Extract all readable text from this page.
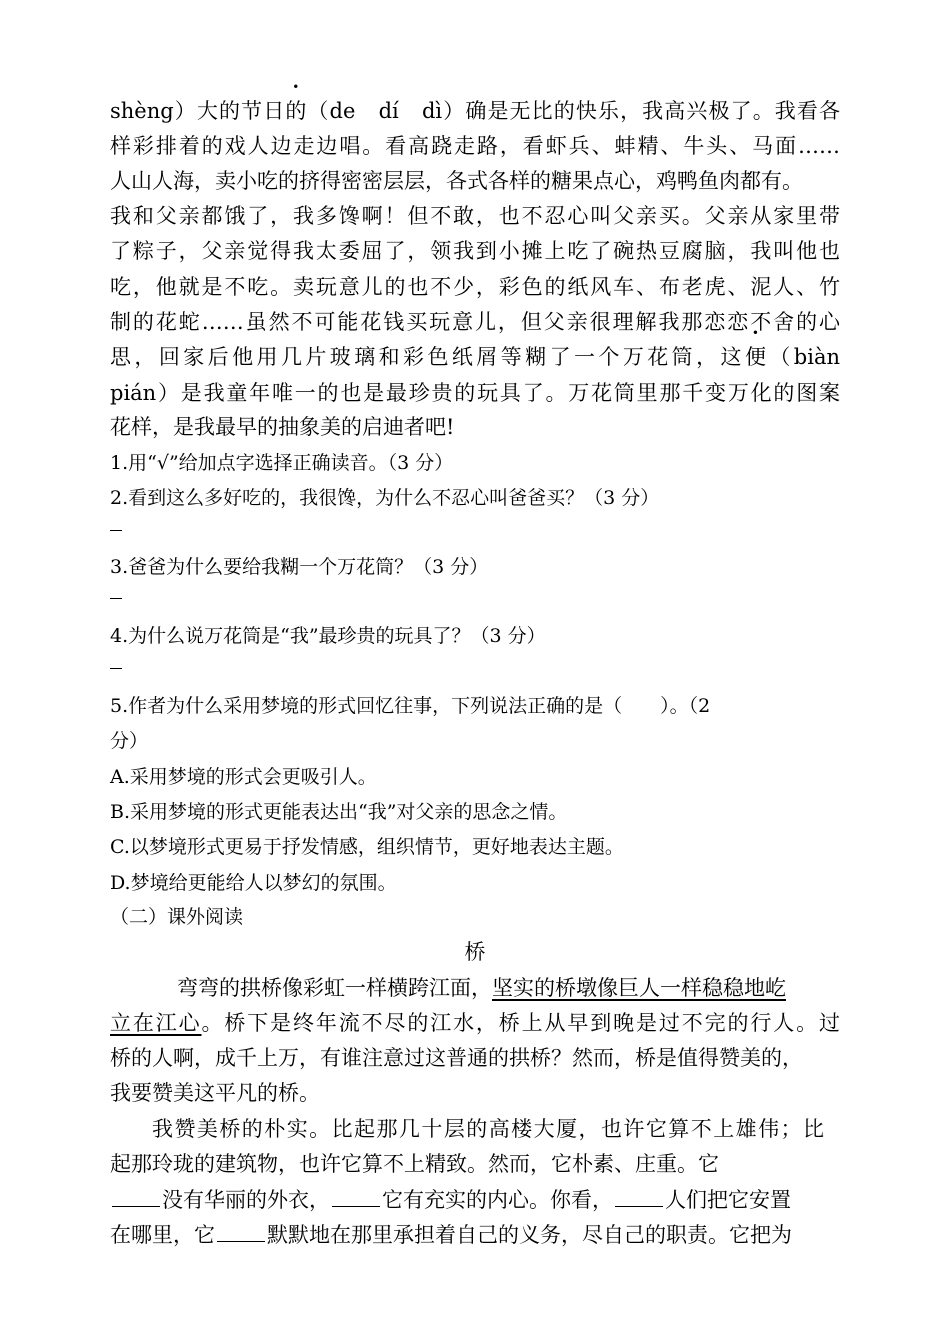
shèng）大的节日的（de　dí　dì）确是无比的快乐，我高兴极了。我看各
样彩排着的戏人边走边唱。看高跷走路，看虾兵、蚌精、牛头、马面……
人山人海，卖小吃的挤得密密层层，各式各样的糖果点心，鸡鸭鱼肉都有。
我和父亲都饿了，我多馋啊！但不敢，也不忍心叫父亲买。父亲从家里带
了粽子，父亲觉得我太委屈了，领我到小摊上吃了碗热豆腐脑，我叫他也
吃，他就是不吃。卖玩意儿的也不少，彩色的纸风车、布老虎、泥人、竹
制的花蛇……虽然不可能花钱买玩意儿，但父亲很理解我那恋恋不舍的心
思，回家后他用几片玻璃和彩色纸屑等糊了一个万花筒，这便（biàn
pián）是我童年唯一的也是最珍贵的玩具了。万花筒里那千变万化的图案
花样，是我最早的抽象美的启迪者吧!
1.用“√”给加点字选择正确读音。（3 分）
2.看到这么多好吃的，我很馋，为什么不忍心叫爸爸买？（3 分）
3.爸爸为什么要给我糊一个万花筒？（3 分）
4.为什么说万花筒是“我”最珍贵的玩具了？（3 分）
5.作者为什么采用梦境的形式回忆往事，下列说法正确的是（　　）。（2
分）
A.采用梦境的形式会更吸引人。
B.采用梦境的形式更能表达出“我”对父亲的思念之情。
C.以梦境形式更易于抒发情感，组织情节，更好地表达主题。
D.梦境给更能给人以梦幻的氛围。
（二）课外阅读
桥
弯弯的拱桥像彩虹一样横跨江面，坚实的桥墩像巨人一样稳稳地屹
立在江心。桥下是终年流不尽的江水，桥上从早到晚是过不完的行人。过
桥的人啊，成千上万，有谁注意过这普通的拱桥？然而，桥是值得赞美的，
我要赞美这平凡的桥。
我赞美桥的朴实。比起那几十层的高楼大厦，也许它算不上雄伟；比
起那玲珑的建筑物，也许它算不上精致。然而，它朴素、庄重。它
没有华丽的外衣， 它有充实的内心。你看， 人们把它安置
在哪里，它 默默地在那里承担着自己的义务，尽自己的职责。它把为
